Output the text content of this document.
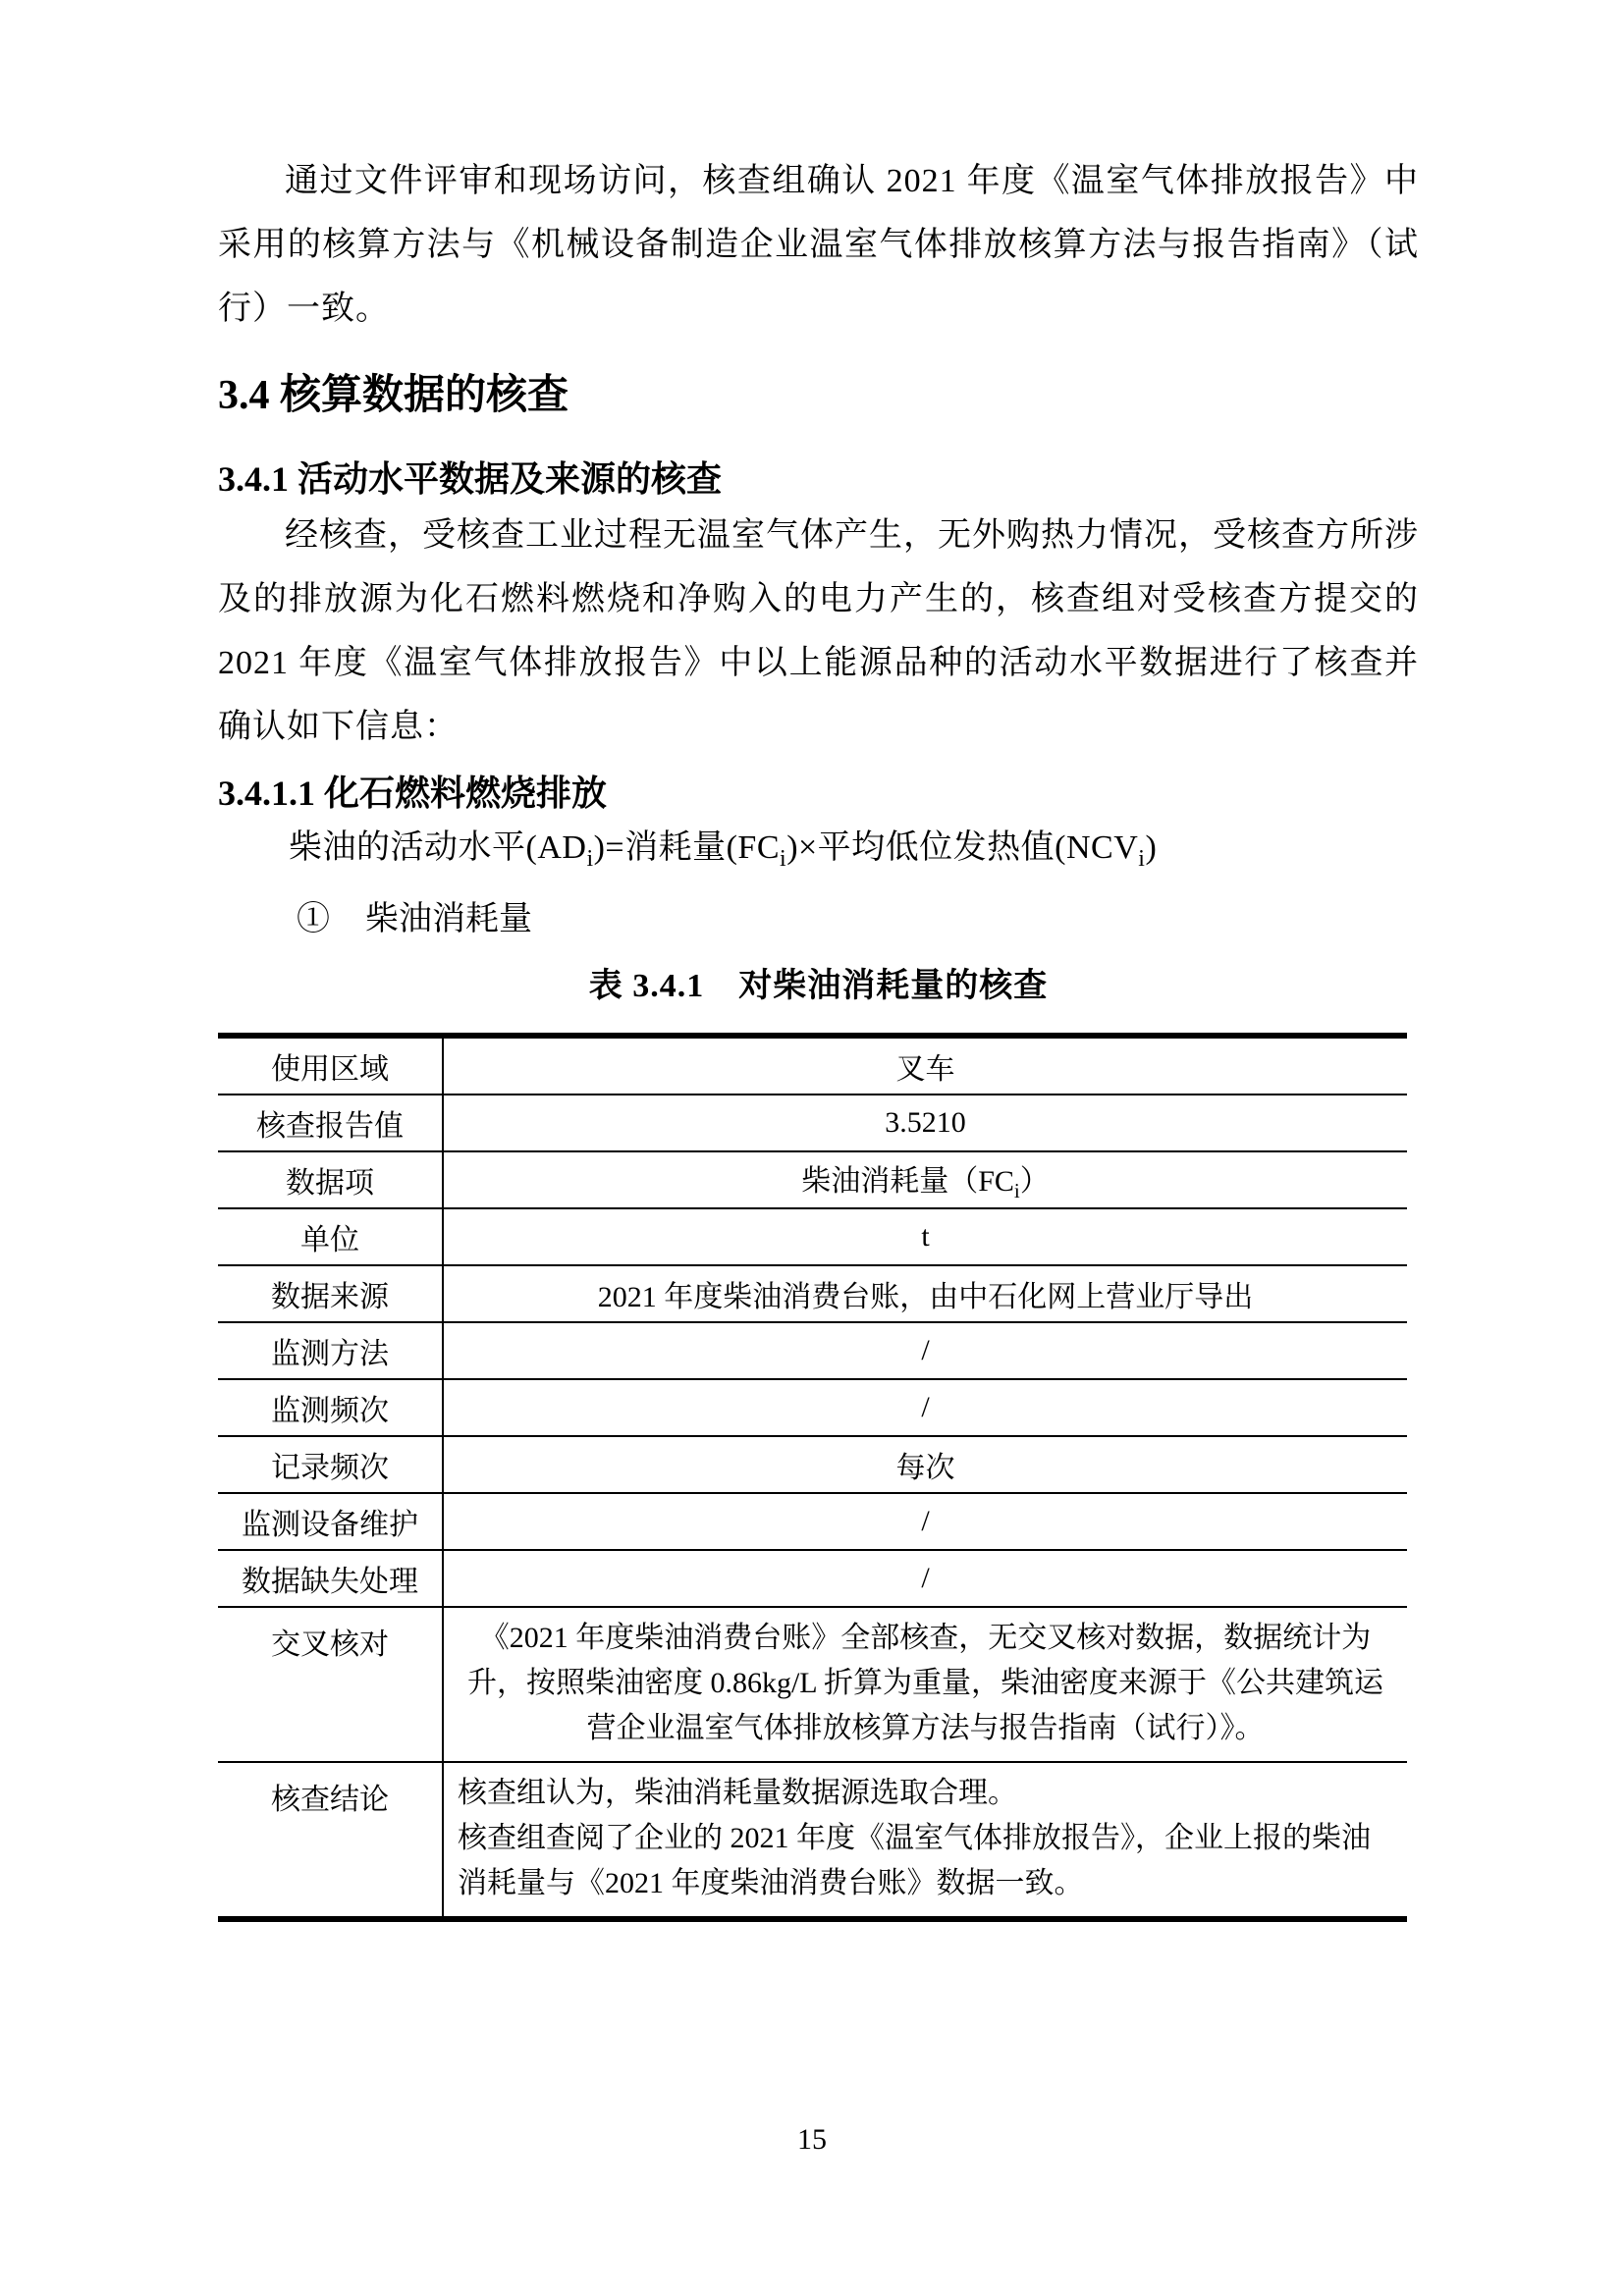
通过文件评审和现场访问，核查组确认 2021 年度《温室气体排放报告》中采用的核算方法与《机械设备制造企业温室气体排放核算方法与报告指南》（试行）一致。

3.4 核算数据的核查
3.4.1 活动水平数据及来源的核查

经核查，受核查工业过程无温室气体产生，无外购热力情况，受核查方所涉及的排放源为化石燃料燃烧和净购入的电力产生的，核查组对受核查方提交的 2021 年度《温室气体排放报告》中以上能源品种的活动水平数据进行了核查并确认如下信息：

3.4.1.1 化石燃料燃烧排放
柴油的活动水平$(AD_i)=$消耗量$(FC_i)\times$平均低位发热值$(NCV_i)$
① 柴油消耗量
表 3.4.1　对柴油消耗量的核查
使用区域	叉车
核查报告值	3.5210
数据项	柴油消耗量$(FC_i)$
单位	t
数据来源	2021 年度柴油消费台账，由中石化网上营业厅导出
监测方法	/
监测频次	/
记录频次	每次
监测设备维护	/
数据缺失处理	/
交叉核对	《2021 年度柴油消费台账》全部核查，无交叉核对数据，数据统计为升，按照柴油密度 0.86kg/L 折算为重量，柴油密度来源于《公共建筑运营企业温室气体排放核算方法与报告指南（试行）》。
核查结论	核查组认为，柴油消耗量数据源选取合理。
核查组查阅了企业的 2021 年度《温室气体排放报告》，企业上报的柴油消耗量与《2021 年度柴油消费台账》数据一致。
15
